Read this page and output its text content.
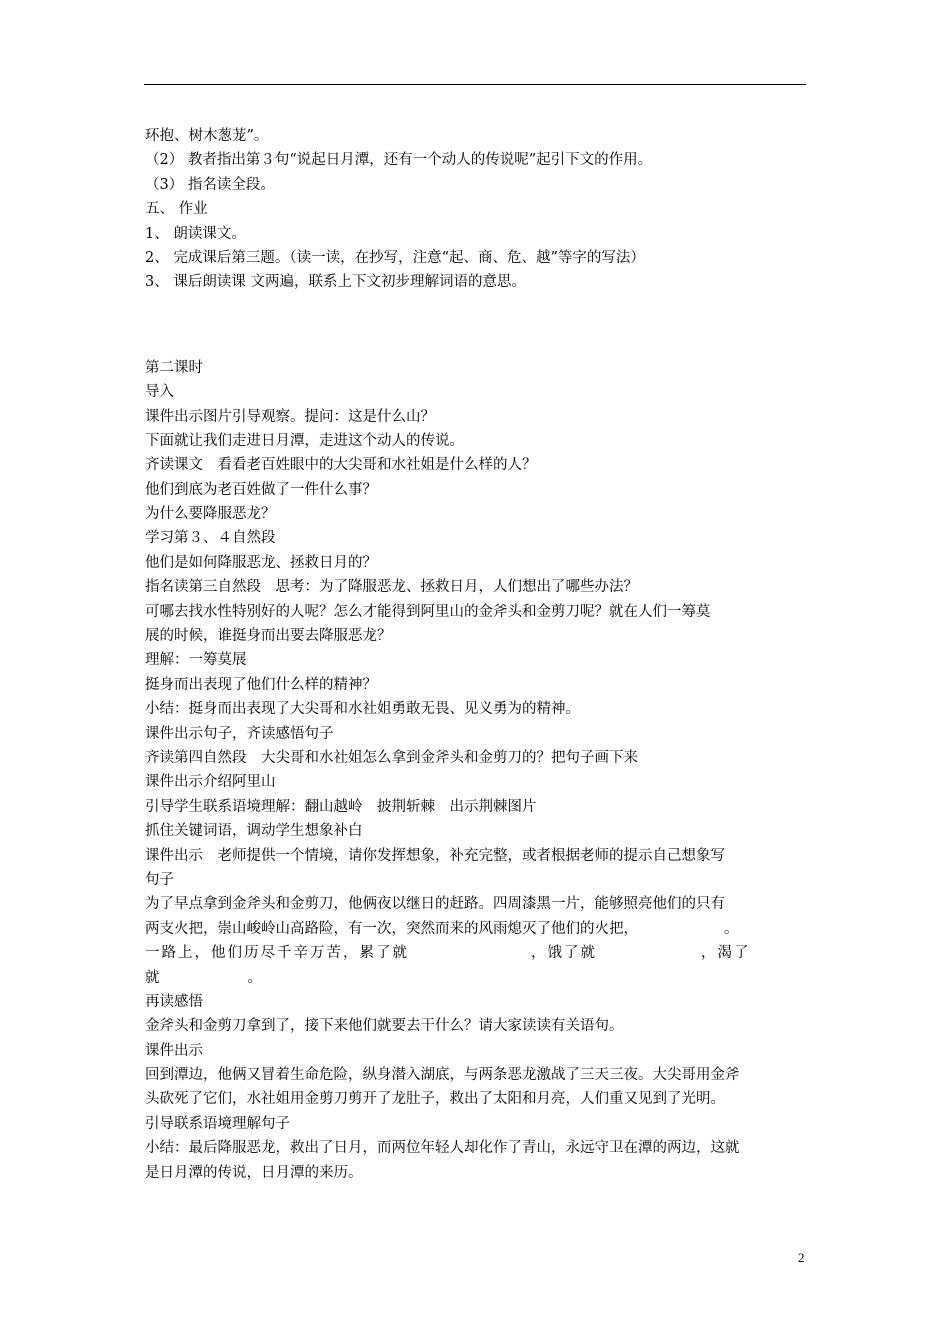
环抱、树木葱茏”。
（2） 教者指出第３句“说起日月潭，还有一个动人的传说呢”起引下文的作用。
（3） 指名读全段。
五、 作业
1、 朗读课文。
2、 完成课后第三题。（读一读，在抄写，注意“起、商、危、越”等字的写法）
3、 课后朗读课 文两遍，联系上下文初步理解词语的意思。
第二课时
导入
课件出示图片引导观察。提问：这是什么山？
下面就让我们走进日月潭，走进这个动人的传说。
齐读课文　看看老百姓眼中的大尖哥和水社姐是什么样的人？
他们到底为老百姓做了一件什么事？
为什么要降服恶龙？
学习第３、４自然段
他们是如何降服恶龙、拯救日月的？
指名读第三自然段　思考：为了降服恶龙、拯救日月，人们想出了哪些办法？
可哪去找水性特别好的人呢？怎么才能得到阿里山的金斧头和金剪刀呢？就在人们一筹莫
展的时候，谁挺身而出要去降服恶龙？
理解：一筹莫展
挺身而出表现了他们什么样的精神？
小结：挺身而出表现了大尖哥和水社姐勇敢无畏、见义勇为的精神。
课件出示句子，齐读感悟句子
齐读第四自然段　大尖哥和水社姐怎么拿到金斧头和金剪刀的？把句子画下来
课件出示介绍阿里山
引导学生联系语境理解：翻山越岭　披荆斩棘　出示荆棘图片
抓住关键词语，调动学生想象补白
课件出示　老师提供一个情境，请你发挥想象，补充完整，或者根据老师的提示自己想象写
句子
为了早点拿到金斧头和金剪刀，他俩夜以继日的赶路。四周漆黑一片，能够照亮他们的只有
两支火把，崇山峻岭山高路险，有一次，突然而来的风雨熄灭了他们的火把，	。
一路上，他们历尽千辛万苦，累了就	，饿了就	，渴了
就	。
再读感悟
金斧头和金剪刀拿到了，接下来他们就要去干什么？请大家读读有关语句。
课件出示
回到潭边，他俩又冒着生命危险，纵身潜入湖底，与两条恶龙激战了三天三夜。大尖哥用金斧
头砍死了它们，水社姐用金剪刀剪开了龙肚子，救出了太阳和月亮，人们重又见到了光明。
引导联系语境理解句子
小结：最后降服恶龙，救出了日月，而两位年轻人却化作了青山，永远守卫在潭的两边，这就
是日月潭的传说，日月潭的来历。
2
